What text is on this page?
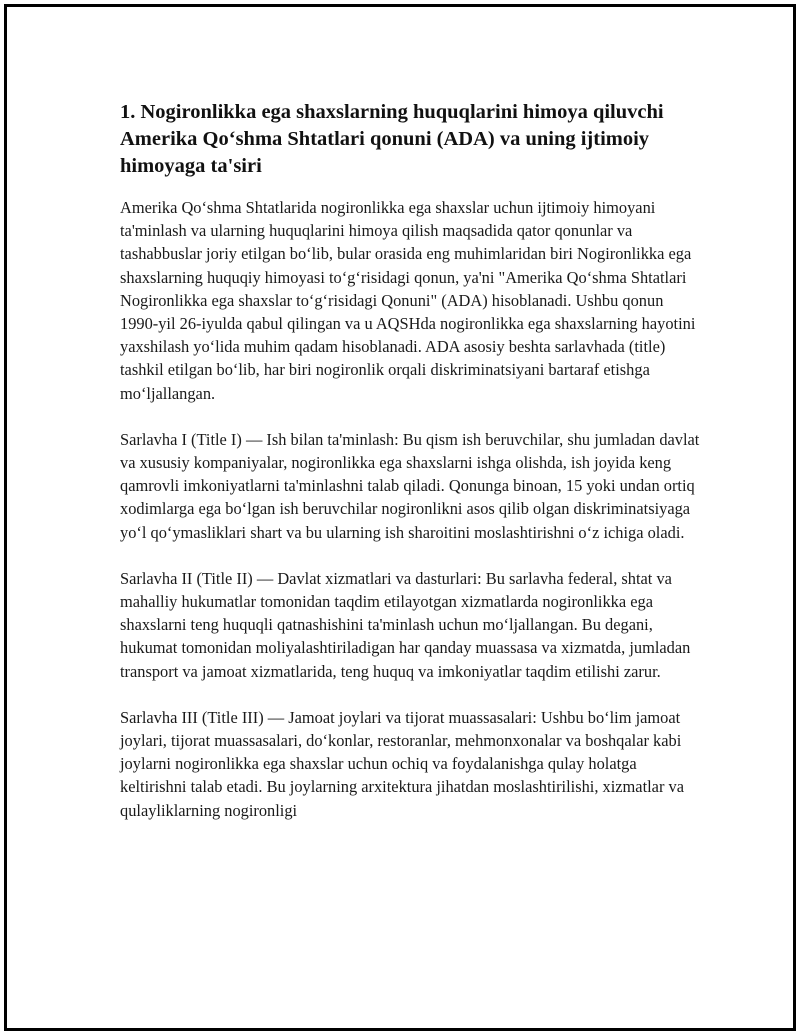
1. Nogironlikka ega shaxslarning huquqlarini himoya qiluvchi Amerika Qo‘shma Shtatlari qonuni (ADA) va uning ijtimoiy himoyaga ta'siri

Amerika Qo‘shma Shtatlarida nogironlikka ega shaxslar uchun ijtimoiy himoyani ta'minlash va ularning huquqlarini himoya qilish maqsadida qator qonunlar va tashabbuslar joriy etilgan bo‘lib, bular orasida eng muhimlaridan biri Nogironlikka ega shaxslarning huquqiy himoyasi to‘g‘risidagi qonun, ya'ni "Amerika Qo‘shma Shtatlari Nogironlikka ega shaxslar to‘g‘risidagi Qonuni" (ADA) hisoblanadi. Ushbu qonun 1990-yil 26-iyulda qabul qilingan va u AQSHda nogironlikka ega shaxslarning hayotini yaxshilash yo‘lida muhim qadam hisoblanadi. ADA asosiy beshta sarlavhada (title) tashkil etilgan bo‘lib, har biri nogironlik orqali diskriminatsiyani bartaraf etishga mo‘ljallangan.

Sarlavha I (Title I) — Ish bilan ta'minlash: Bu qism ish beruvchilar, shu jumladan davlat va xususiy kompaniyalar, nogironlikka ega shaxslarni ishga olishda, ish joyida keng qamrovli imkoniyatlarni ta'minlashni talab qiladi. Qonunga binoan, 15 yoki undan ortiq xodimlarga ega bo‘lgan ish beruvchilar nogironlikni asos qilib olgan diskriminatsiyaga yo‘l qo‘ymasliklari shart va bu ularning ish sharoitini moslashtirishni o‘z ichiga oladi.

Sarlavha II (Title II) — Davlat xizmatlari va dasturlari: Bu sarlavha federal, shtat va mahalliy hukumatlar tomonidan taqdim etilayotgan xizmatlarda nogironlikka ega shaxslarni teng huquqli qatnashishini ta'minlash uchun mo‘ljallangan. Bu degani, hukumat tomonidan moliyalashtiriladigan har qanday muassasa va xizmatda, jumladan transport va jamoat xizmatlarida, teng huquq va imkoniyatlar taqdim etilishi zarur.

Sarlavha III (Title III) — Jamoat joylari va tijorat muassasalari: Ushbu bo‘lim jamoat joylari, tijorat muassasalari, do‘konlar, restoranlar, mehmonxonalar va boshqalar kabi joylarni nogironlikka ega shaxslar uchun ochiq va foydalanishga qulay holatga keltirishni talab etadi. Bu joylarning arxitektura jihatdan moslashtirilishi, xizmatlar va qulayliklarning nogironligi
